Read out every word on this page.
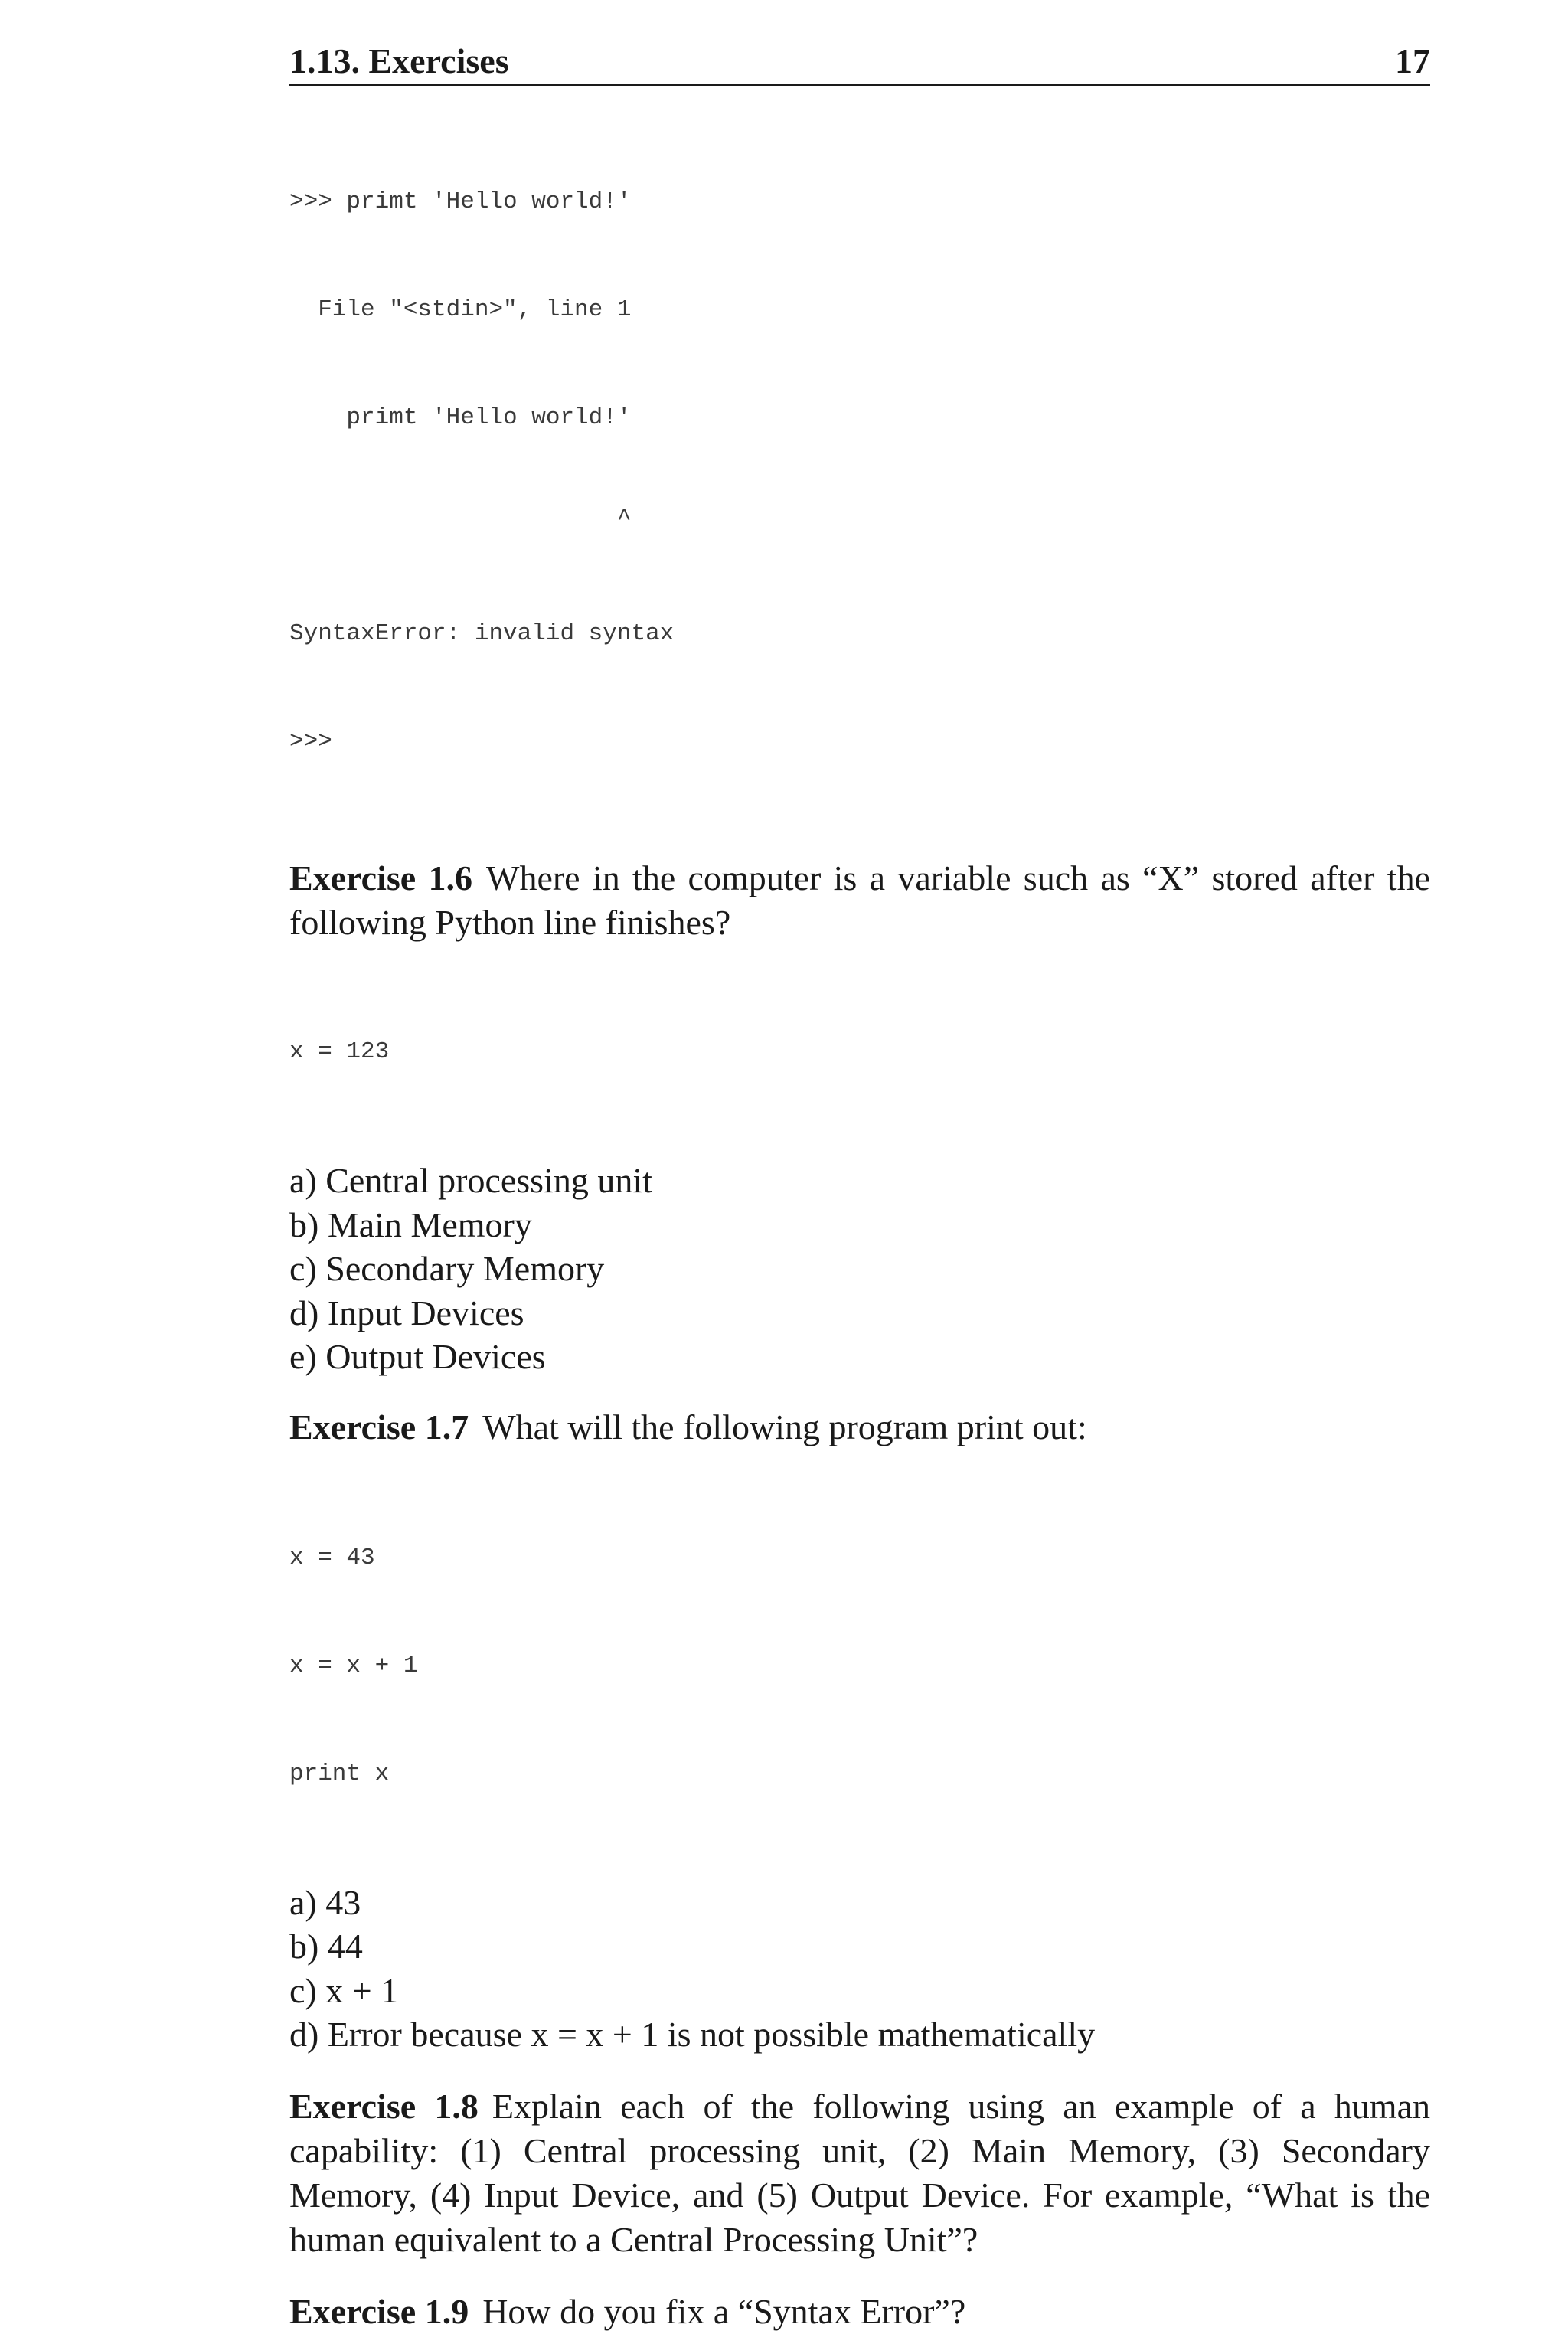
1.13. Exercises	17

>>> primt 'Hello world!'

File "<stdin>", line 1

primt 'Hello world!'

^

SyntaxError: invalid syntax

>>>

Exercise 1.6 Where in the computer is a variable such as “X” stored after the following Python line finishes?

x = 123

a) Central processing unit
b) Main Memory
c) Secondary Memory
d) Input Devices
e) Output Devices

Exercise 1.7 What will the following program print out:

x = 43

x = x + 1

print x

a) 43
b) 44
c) x + 1
d) Error because x = x + 1 is not possible mathematically

Exercise 1.8 Explain each of the following using an example of a human capability: (1) Central processing unit, (2) Main Memory, (3) Secondary Memory, (4) Input Device, and (5) Output Device. For example, “What is the human equivalent to a Central Processing Unit”?

Exercise 1.9 How do you fix a “Syntax Error”?
